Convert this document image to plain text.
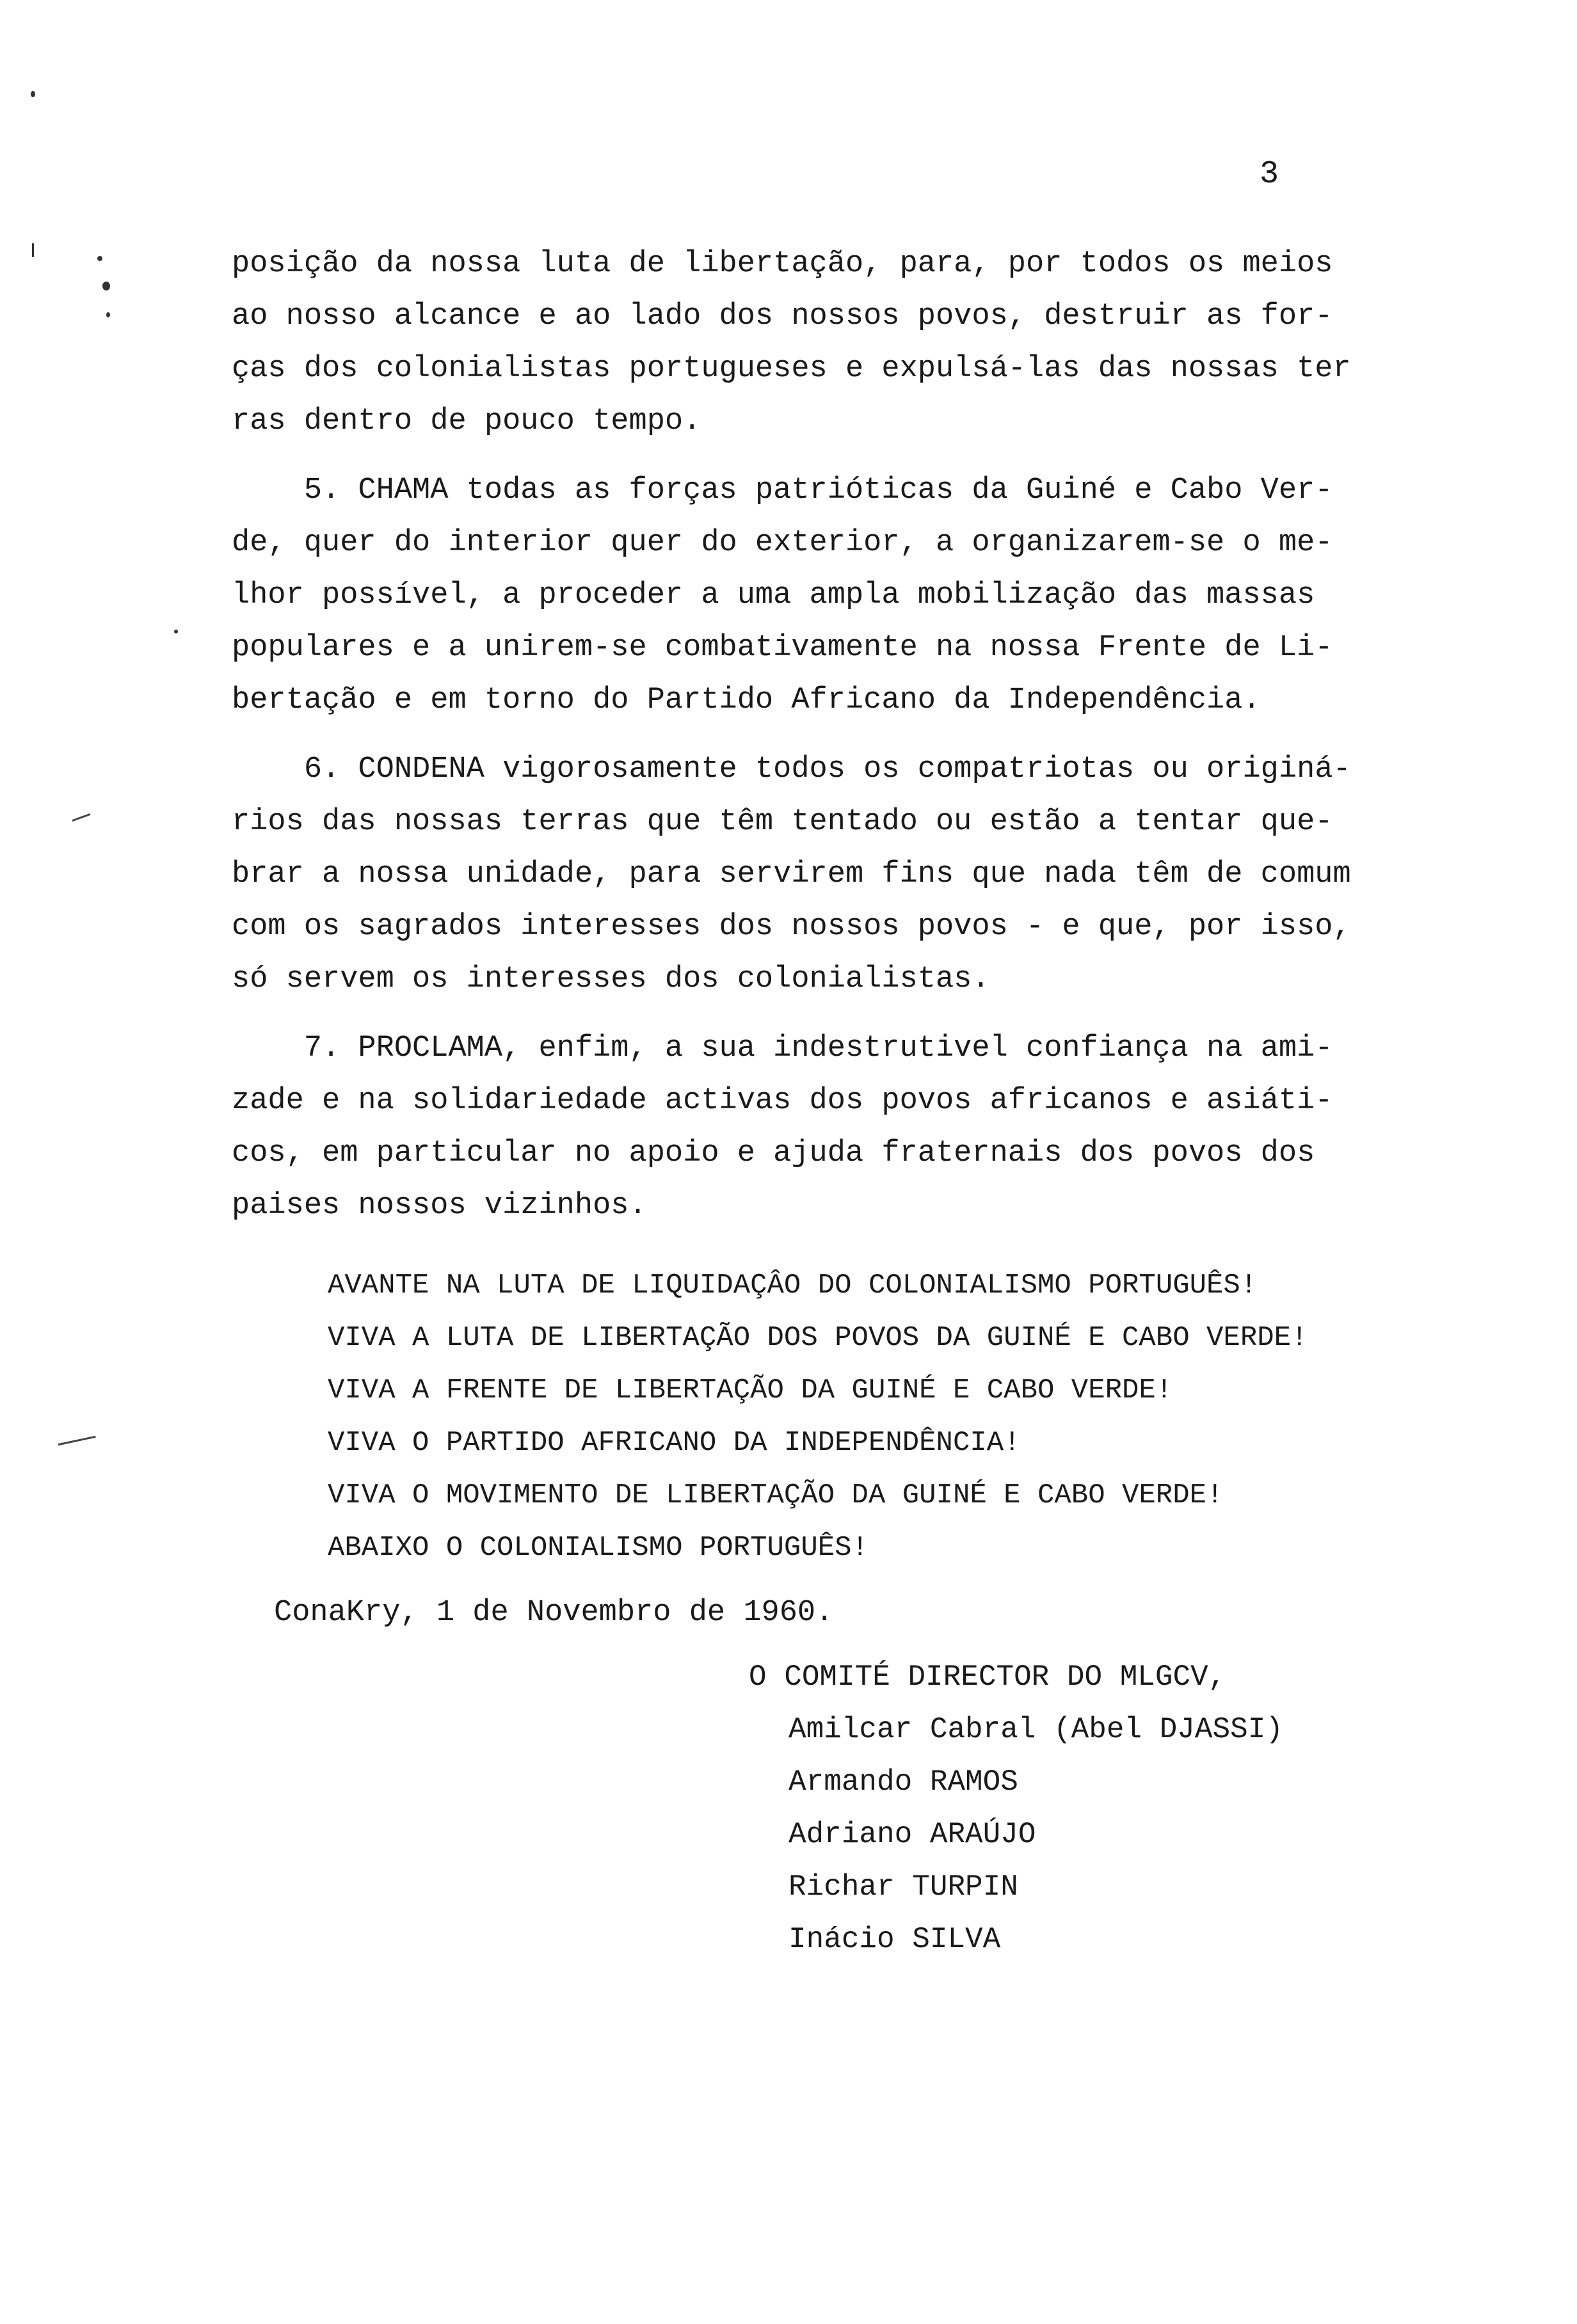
3
posição da nossa luta de libertação, para, por todos os meios
ao nosso alcance e ao lado dos nossos povos, destruir as for-
ças dos colonialistas portugueses e expulsá-las das nossas ter
ras dentro de pouco tempo.
5. CHAMA todas as forças patrióticas da Guiné e Cabo Ver-
de, quer do interior quer do exterior, a organizarem-se o me-
lhor possível, a proceder a uma ampla mobilização das massas
populares e a unirem-se combativamente na nossa Frente de Li-
bertação e em torno do Partido Africano da Independência.
6. CONDENA vigorosamente todos os compatriotas ou originá-
rios das nossas terras que têm tentado ou estão a tentar que-
brar a nossa unidade, para servirem fins que nada têm de comum
com os sagrados interesses dos nossos povos - e que, por isso,
só servem os interesses dos colonialistas.
7. PROCLAMA, enfim, a sua indestrutivel confiança na ami-
zade e na solidariedade activas dos povos africanos e asiáti-
cos, em particular no apoio e ajuda fraternais dos povos dos
paises nossos vizinhos.
AVANTE NA LUTA DE LIQUIDAÇÂO DO COLONIALISMO PORTUGUÊS!
VIVA A LUTA DE LIBERTAÇÃO DOS POVOS DA GUINÉ E CABO VERDE!
VIVA A FRENTE DE LIBERTAÇÃO DA GUINÉ E CABO VERDE!
VIVA O PARTIDO AFRICANO DA INDEPENDÊNCIA!
VIVA O MOVIMENTO DE LIBERTAÇÃO DA GUINÉ E CABO VERDE!
ABAIXO O COLONIALISMO PORTUGUÊS!
ConaKry, 1 de Novembro de 1960.
O COMITÉ DIRECTOR DO MLGCV,
Amilcar Cabral (Abel DJASSI)
Armando RAMOS
Adriano ARAÚJO
Richar TURPIN
Inácio SILVA
